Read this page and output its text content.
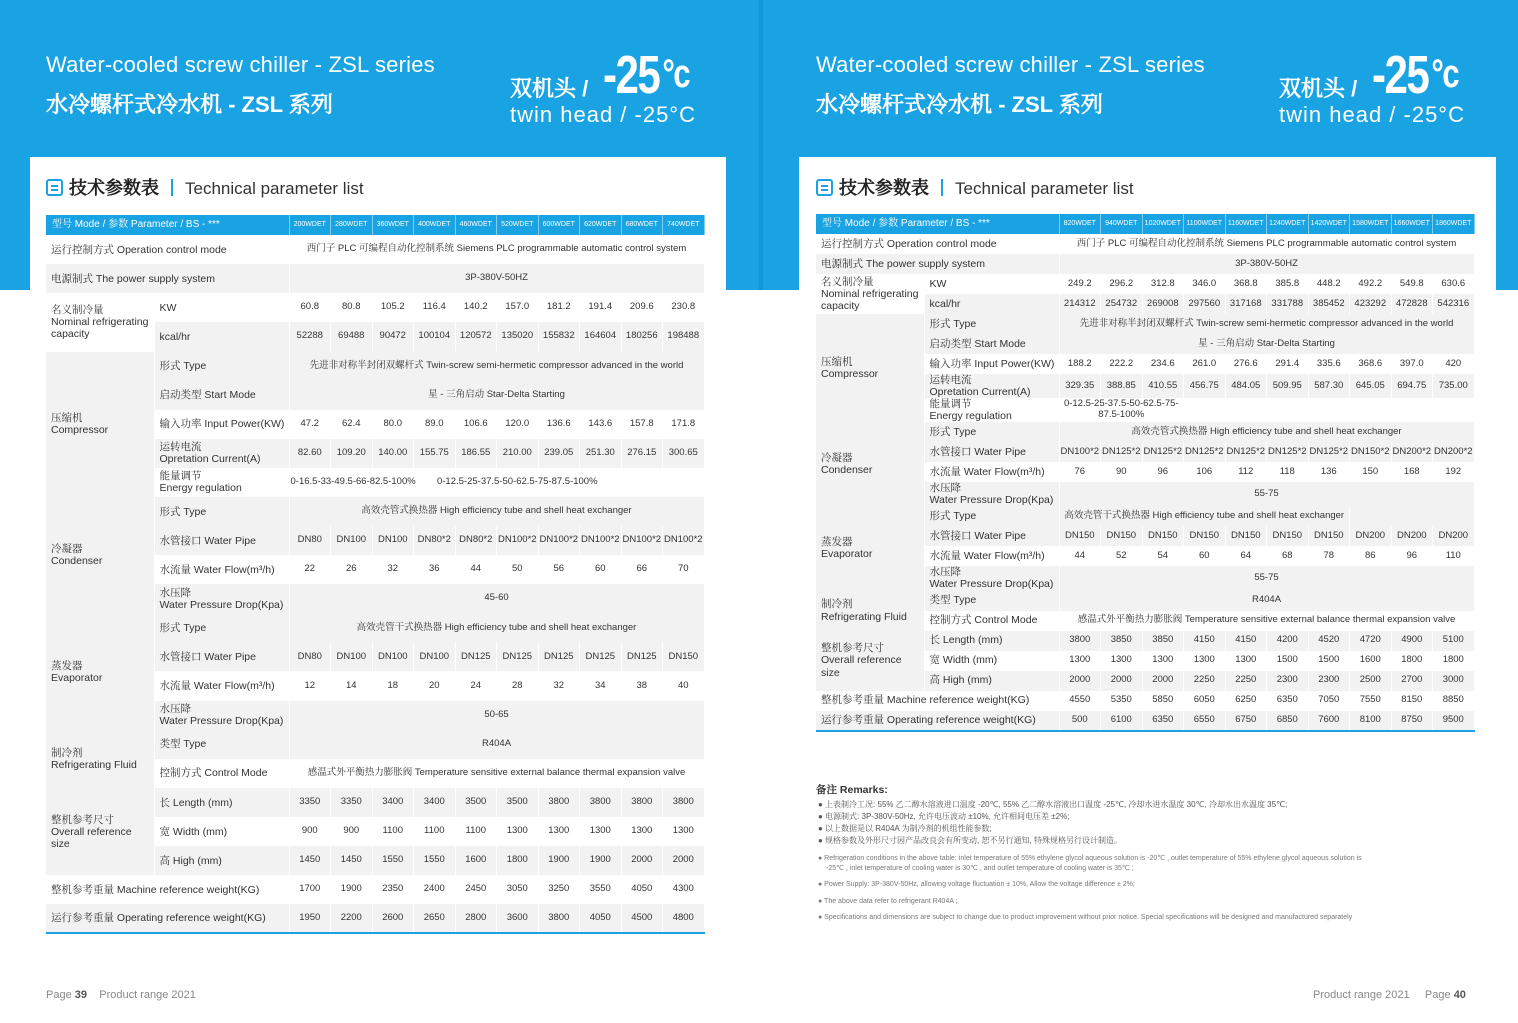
Water-cooled screw chiller - ZSL series
水冷螺杆式冷水机 - ZSL 系列
双机头 / -25°c
twin head / -25°C
技术参数表 Technical parameter list
型号 Mode / 参数 Parameter / BS - ***		200WDET	280WDET	360WDET	400WDET	460WDET	520WDET	600WDET	620WDET	680WDET	740WDET
运行控制方式 Operation control mode		西门子 PLC 可编程自动化控制系统 Siemens PLC programmable automatic control system									
电源制式 The power supply system		3P-380V-50HZ									
名义制冷量
Nominal refrigerating capacity	KW	60.8	80.8	105.2	116.4	140.2	157.0	181.2	191.4	209.6	230.8
	kcal/hr	52288	69488	90472	100104	120572	135020	155832	164604	180256	198488
压缩机
Compressor	形式 Type	先进非对称半封闭双螺杆式 Twin-screw semi-hermetic compressor advanced in the world									
	启动类型 Start Mode	星 - 三角启动 Star-Delta Starting									
	输入功率 Input Power(KW)	47.2	62.4	80.0	89.0	106.6	120.0	136.6	143.6	157.8	171.8
	运转电流
Opretation Current(A)	82.60	109.20	140.00	155.75	186.55	210.00	239.05	251.30	276.15	300.65
	能量调节
Energy regulation	0-16.5-33-49.5-66-82.5-100%	0-12.5-25-37.5-50-62.5-75-87.5-100%								
冷凝器
Condenser	形式 Type	高效壳管式换热器 High efficiency tube and shell heat exchanger									
	水管接口 Water Pipe	DN80	DN100	DN100	DN80*2	DN80*2	DN100*2	DN100*2	DN100*2	DN100*2	DN100*2
	水流量 Water Flow(m³/h)	22	26	32	36	44	50	56	60	66	70
	水压降
Water Pressure Drop(Kpa)	45-60									
蒸发器
Evaporator	形式 Type	高效壳管干式换热器 High efficiency tube and shell heat exchanger									
	水管接口 Water Pipe	DN80	DN100	DN100	DN100	DN125	DN125	DN125	DN125	DN125	DN150
	水流量 Water Flow(m³/h)	12	14	18	20	24	28	32	34	38	40
	水压降
Water Pressure Drop(Kpa)	50-65									
制冷剂
Refrigerating Fluid	类型 Type	R404A									
	控制方式 Control Mode	感温式外平衡热力膨胀阀 Temperature sensitive external balance thermal expansion valve									
整机参考尺寸
Overall reference size	长 Length (mm)	3350	3350	3400	3400	3500	3500	3800	3800	3800	3800
	宽 Width (mm)	900	900	1100	1100	1100	1300	1300	1300	1300	1300
	高 High (mm)	1450	1450	1550	1550	1600	1800	1900	1900	2000	2000
整机参考重量 Machine reference weight(KG)		1700	1900	2350	2400	2450	3050	3250	3550	4050	4300
运行参考重量 Operating reference weight(KG)		1950	2200	2600	2650	2800	3600	3800	4050	4500	4800
Page 39 Product range 2021
Water-cooled screw chiller - ZSL series
水冷螺杆式冷水机 - ZSL 系列
双机头 / -25°c
twin head / -25°C
技术参数表 Technical parameter list
型号 Mode / 参数 Parameter / BS - ***		820WDET	940WDET	1020WDET	1100WDET	1160WDET	1240WDET	1420WDET	1580WDET	1660WDET	1860WDET
运行控制方式 Operation control mode		西门子 PLC 可编程自动化控制系统 Siemens PLC programmable automatic control system									
电源制式 The power supply system		3P-380V-50HZ									
名义制冷量
Nominal refrigerating capacity	KW	249.2	296.2	312.8	346.0	368.8	385.8	448.2	492.2	549.8	630.6
	kcal/hr	214312	254732	269008	297560	317168	331788	385452	423292	472828	542316
压缩机
Compressor	形式 Type	先进非对称半封闭双螺杆式 Twin-screw semi-hermetic compressor advanced in the world									
	启动类型 Start Mode	星 - 三角启动 Star-Delta Starting									
	输入功率 Input Power(KW)	188.2	222.2	234.6	261.0	276.6	291.4	335.6	368.6	397.0	420
	运转电流
Opretation Current(A)	329.35	388.85	410.55	456.75	484.05	509.95	587.30	645.05	694.75	735.00
	能量调节
Energy regulation	0-12.5-25-37.5-50-62.5-75-87.5-100%									
冷凝器
Condenser	形式 Type	高效壳管式换热器 High efficiency tube and shell heat exchanger									
	水管接口 Water Pipe	DN100*2	DN125*2	DN125*2	DN125*2	DN125*2	DN125*2	DN125*2	DN150*2	DN200*2	DN200*2
	水流量 Water Flow(m³/h)	76	90	96	106	112	118	136	150	168	192
	水压降
Water Pressure Drop(Kpa)	55-75									
蒸发器
Evaporator	形式 Type	高效壳管干式换热器 High efficiency tube and shell heat exchanger									
	水管接口 Water Pipe	DN150	DN150	DN150	DN150	DN150	DN150	DN150	DN200	DN200	DN200
	水流量 Water Flow(m³/h)	44	52	54	60	64	68	78	86	96	110
	水压降
Water Pressure Drop(Kpa)	55-75									
制冷剂
Refrigerating Fluid	类型 Type	R404A									
	控制方式 Control Mode	感温式外平衡热力膨胀阀 Temperature sensitive external balance thermal expansion valve									
整机参考尺寸
Overall reference size	长 Length (mm)	3800	3850	3850	4150	4150	4200	4520	4720	4900	5100
	宽 Width (mm)	1300	1300	1300	1300	1300	1500	1500	1600	1800	1800
	高 High (mm)	2000	2000	2000	2250	2250	2300	2300	2500	2700	3000
整机参考重量 Machine reference weight(KG)		4550	5350	5850	6050	6250	6350	7050	7550	8150	8850
运行参考重量 Operating reference weight(KG)		500	6100	6350	6550	6750	6850	7600	8100	8750	9500
Product range 2021 Page 40
备注 Remarks:
● 上表制冷工况: 55% 乙二醇水溶液进口温度 -20℃, 55% 乙二醇水溶液出口温度 -25℃, 冷却水进水温度 30℃, 冷却水出水温度 35℃;
● 电源制式: 3P-380V-50Hz, 允许电压波动 ±10%, 允许相间电压差 ±2%;
● 以上数据是以 R404A 为制冷剂的机组性能参数;
● 规格参数及外形尺寸因产品改良会有所变动, 恕不另行通知, 特殊规格另行设计制造。
● Refrigeration conditions in the above table: inlet temperature of 55% ethylene glycol aqueous solution is -20℃ , outlet temperature of 55% ethylene glycol aqueous solution is -25℃ , inlet temperature of cooling water is 30℃ , and outlet temperature of cooling water is 35℃ ;
● Power Supply: 3P-380V-50Hz, allowing voltage fluctuation ± 10%, Allow the voltage difference ± 2%;
● The above data refer to refrigerant R404A ;
● Specifications and dimensions are subject to change due to product improvement without prior notice. Special specifications will be designed and manufactured separately
